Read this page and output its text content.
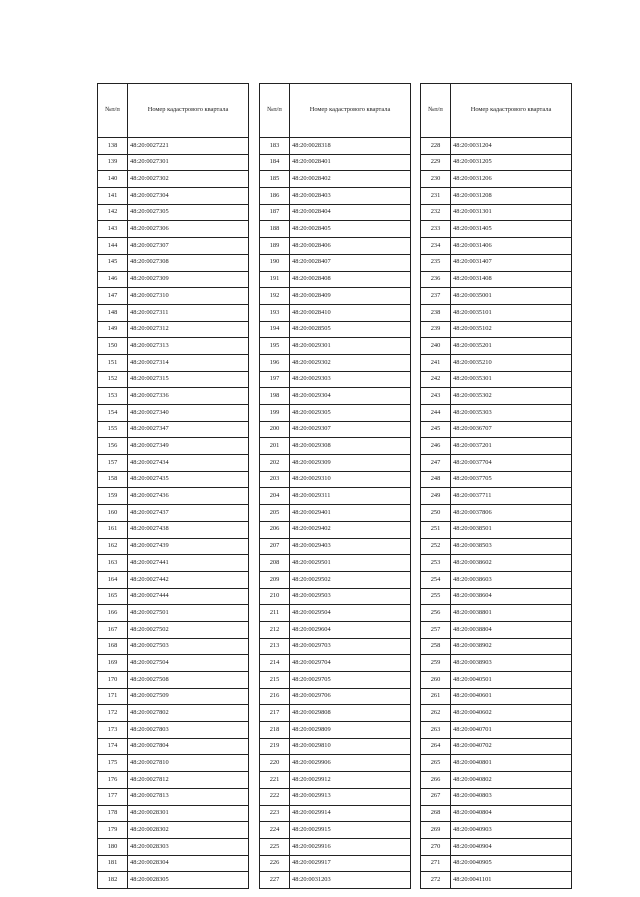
№п/п	Номер кадастрового квартала
138	48:20:0027221
139	48:20:0027301
140	48:20:0027302
141	48:20:0027304
142	48:20:0027305
143	48:20:0027306
144	48:20:0027307
145	48:20:0027308
146	48:20:0027309
147	48:20:0027310
148	48:20:0027311
149	48:20:0027312
150	48:20:0027313
151	48:20:0027314
152	48:20:0027315
153	48:20:0027336
154	48:20:0027340
155	48:20:0027347
156	48:20:0027349
157	48:20:0027434
158	48:20:0027435
159	48:20:0027436
160	48:20:0027437
161	48:20:0027438
162	48:20:0027439
163	48:20:0027441
164	48:20:0027442
165	48:20:0027444
166	48:20:0027501
167	48:20:0027502
168	48:20:0027503
169	48:20:0027504
170	48:20:0027508
171	48:20:0027509
172	48:20:0027802
173	48:20:0027803
174	48:20:0027804
175	48:20:0027810
176	48:20:0027812
177	48:20:0027813
178	48:20:0028301
179	48:20:0028302
180	48:20:0028303
181	48:20:0028304
182	48:20:0028305
№п/п	Номер кадастрового квартала
183	48:20:0028318
184	48:20:0028401
185	48:20:0028402
186	48:20:0028403
187	48:20:0028404
188	48:20:0028405
189	48:20:0028406
190	48:20:0028407
191	48:20:0028408
192	48:20:0028409
193	48:20:0028410
194	48:20:0028505
195	48:20:0029301
196	48:20:0029302
197	48:20:0029303
198	48:20:0029304
199	48:20:0029305
200	48:20:0029307
201	48:20:0029308
202	48:20:0029309
203	48:20:0029310
204	48:20:0029311
205	48:20:0029401
206	48:20:0029402
207	48:20:0029403
208	48:20:0029501
209	48:20:0029502
210	48:20:0029503
211	48:20:0029504
212	48:20:0029604
213	48:20:0029703
214	48:20:0029704
215	48:20:0029705
216	48:20:0029706
217	48:20:0029808
218	48:20:0029809
219	48:20:0029810
220	48:20:0029906
221	48:20:0029912
222	48:20:0029913
223	48:20:0029914
224	48:20:0029915
225	48:20:0029916
226	48:20:0029917
227	48:20:0031203
№п/п	Номер кадастрового квартала
228	48:20:0031204
229	48:20:0031205
230	48:20:0031206
231	48:20:0031208
232	48:20:0031301
233	48:20:0031405
234	48:20:0031406
235	48:20:0031407
236	48:20:0031408
237	48:20:0035001
238	48:20:0035101
239	48:20:0035102
240	48:20:0035201
241	48:20:0035210
242	48:20:0035301
243	48:20:0035302
244	48:20:0035303
245	48:20:0036707
246	48:20:0037201
247	48:20:0037704
248	48:20:0037705
249	48:20:0037711
250	48:20:0037806
251	48:20:0038501
252	48:20:0038503
253	48:20:0038602
254	48:20:0038603
255	48:20:0038604
256	48:20:0038801
257	48:20:0038804
258	48:20:0038902
259	48:20:0038903
260	48:20:0040501
261	48:20:0040601
262	48:20:0040602
263	48:20:0040701
264	48:20:0040702
265	48:20:0040801
266	48:20:0040802
267	48:20:0040803
268	48:20:0040804
269	48:20:0040903
270	48:20:0040904
271	48:20:0040905
272	48:20:0041101
